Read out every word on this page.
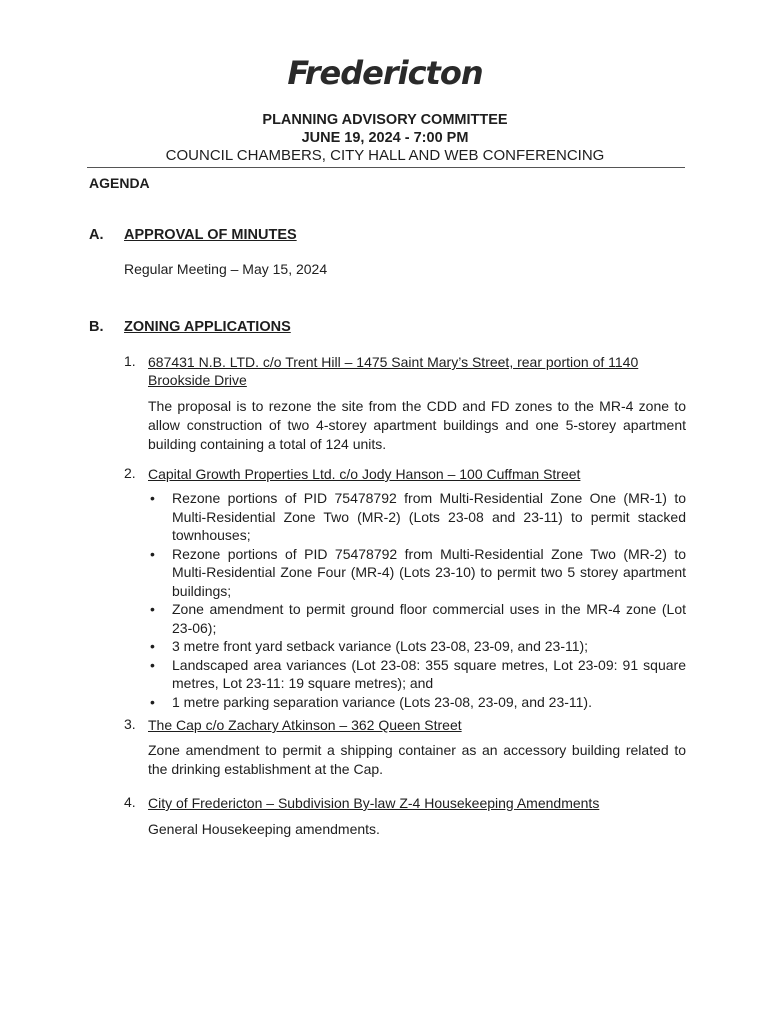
Fredericton
PLANNING ADVISORY COMMITTEE
JUNE 19, 2024 - 7:00 PM
COUNCIL CHAMBERS, CITY HALL AND WEB CONFERENCING
AGENDA
A. APPROVAL OF MINUTES
Regular Meeting – May 15, 2024
B. ZONING APPLICATIONS
1. 687431 N.B. LTD. c/o Trent Hill – 1475 Saint Mary’s Street, rear portion of 1140 Brookside Drive
The proposal is to rezone the site from the CDD and FD zones to the MR-4 zone to allow construction of two 4-storey apartment buildings and one 5-storey apartment building containing a total of 124 units.
2. Capital Growth Properties Ltd. c/o Jody Hanson – 100 Cuffman Street
• Rezone portions of PID 75478792 from Multi-Residential Zone One (MR-1) to Multi-Residential Zone Two (MR-2) (Lots 23-08 and 23-11) to permit stacked townhouses;
• Rezone portions of PID 75478792 from Multi-Residential Zone Two (MR-2) to Multi-Residential Zone Four (MR-4) (Lots 23-10) to permit two 5 storey apartment buildings;
• Zone amendment to permit ground floor commercial uses in the MR-4 zone (Lot 23-06);
• 3 metre front yard setback variance (Lots 23-08, 23-09, and 23-11);
• Landscaped area variances (Lot 23-08: 355 square metres, Lot 23-09: 91 square metres, Lot 23-11: 19 square metres); and
• 1 metre parking separation variance (Lots 23-08, 23-09, and 23-11).
3. The Cap c/o Zachary Atkinson – 362 Queen Street
Zone amendment to permit a shipping container as an accessory building related to the drinking establishment at the Cap.
4. City of Fredericton – Subdivision By-law Z-4 Housekeeping Amendments
General Housekeeping amendments.
